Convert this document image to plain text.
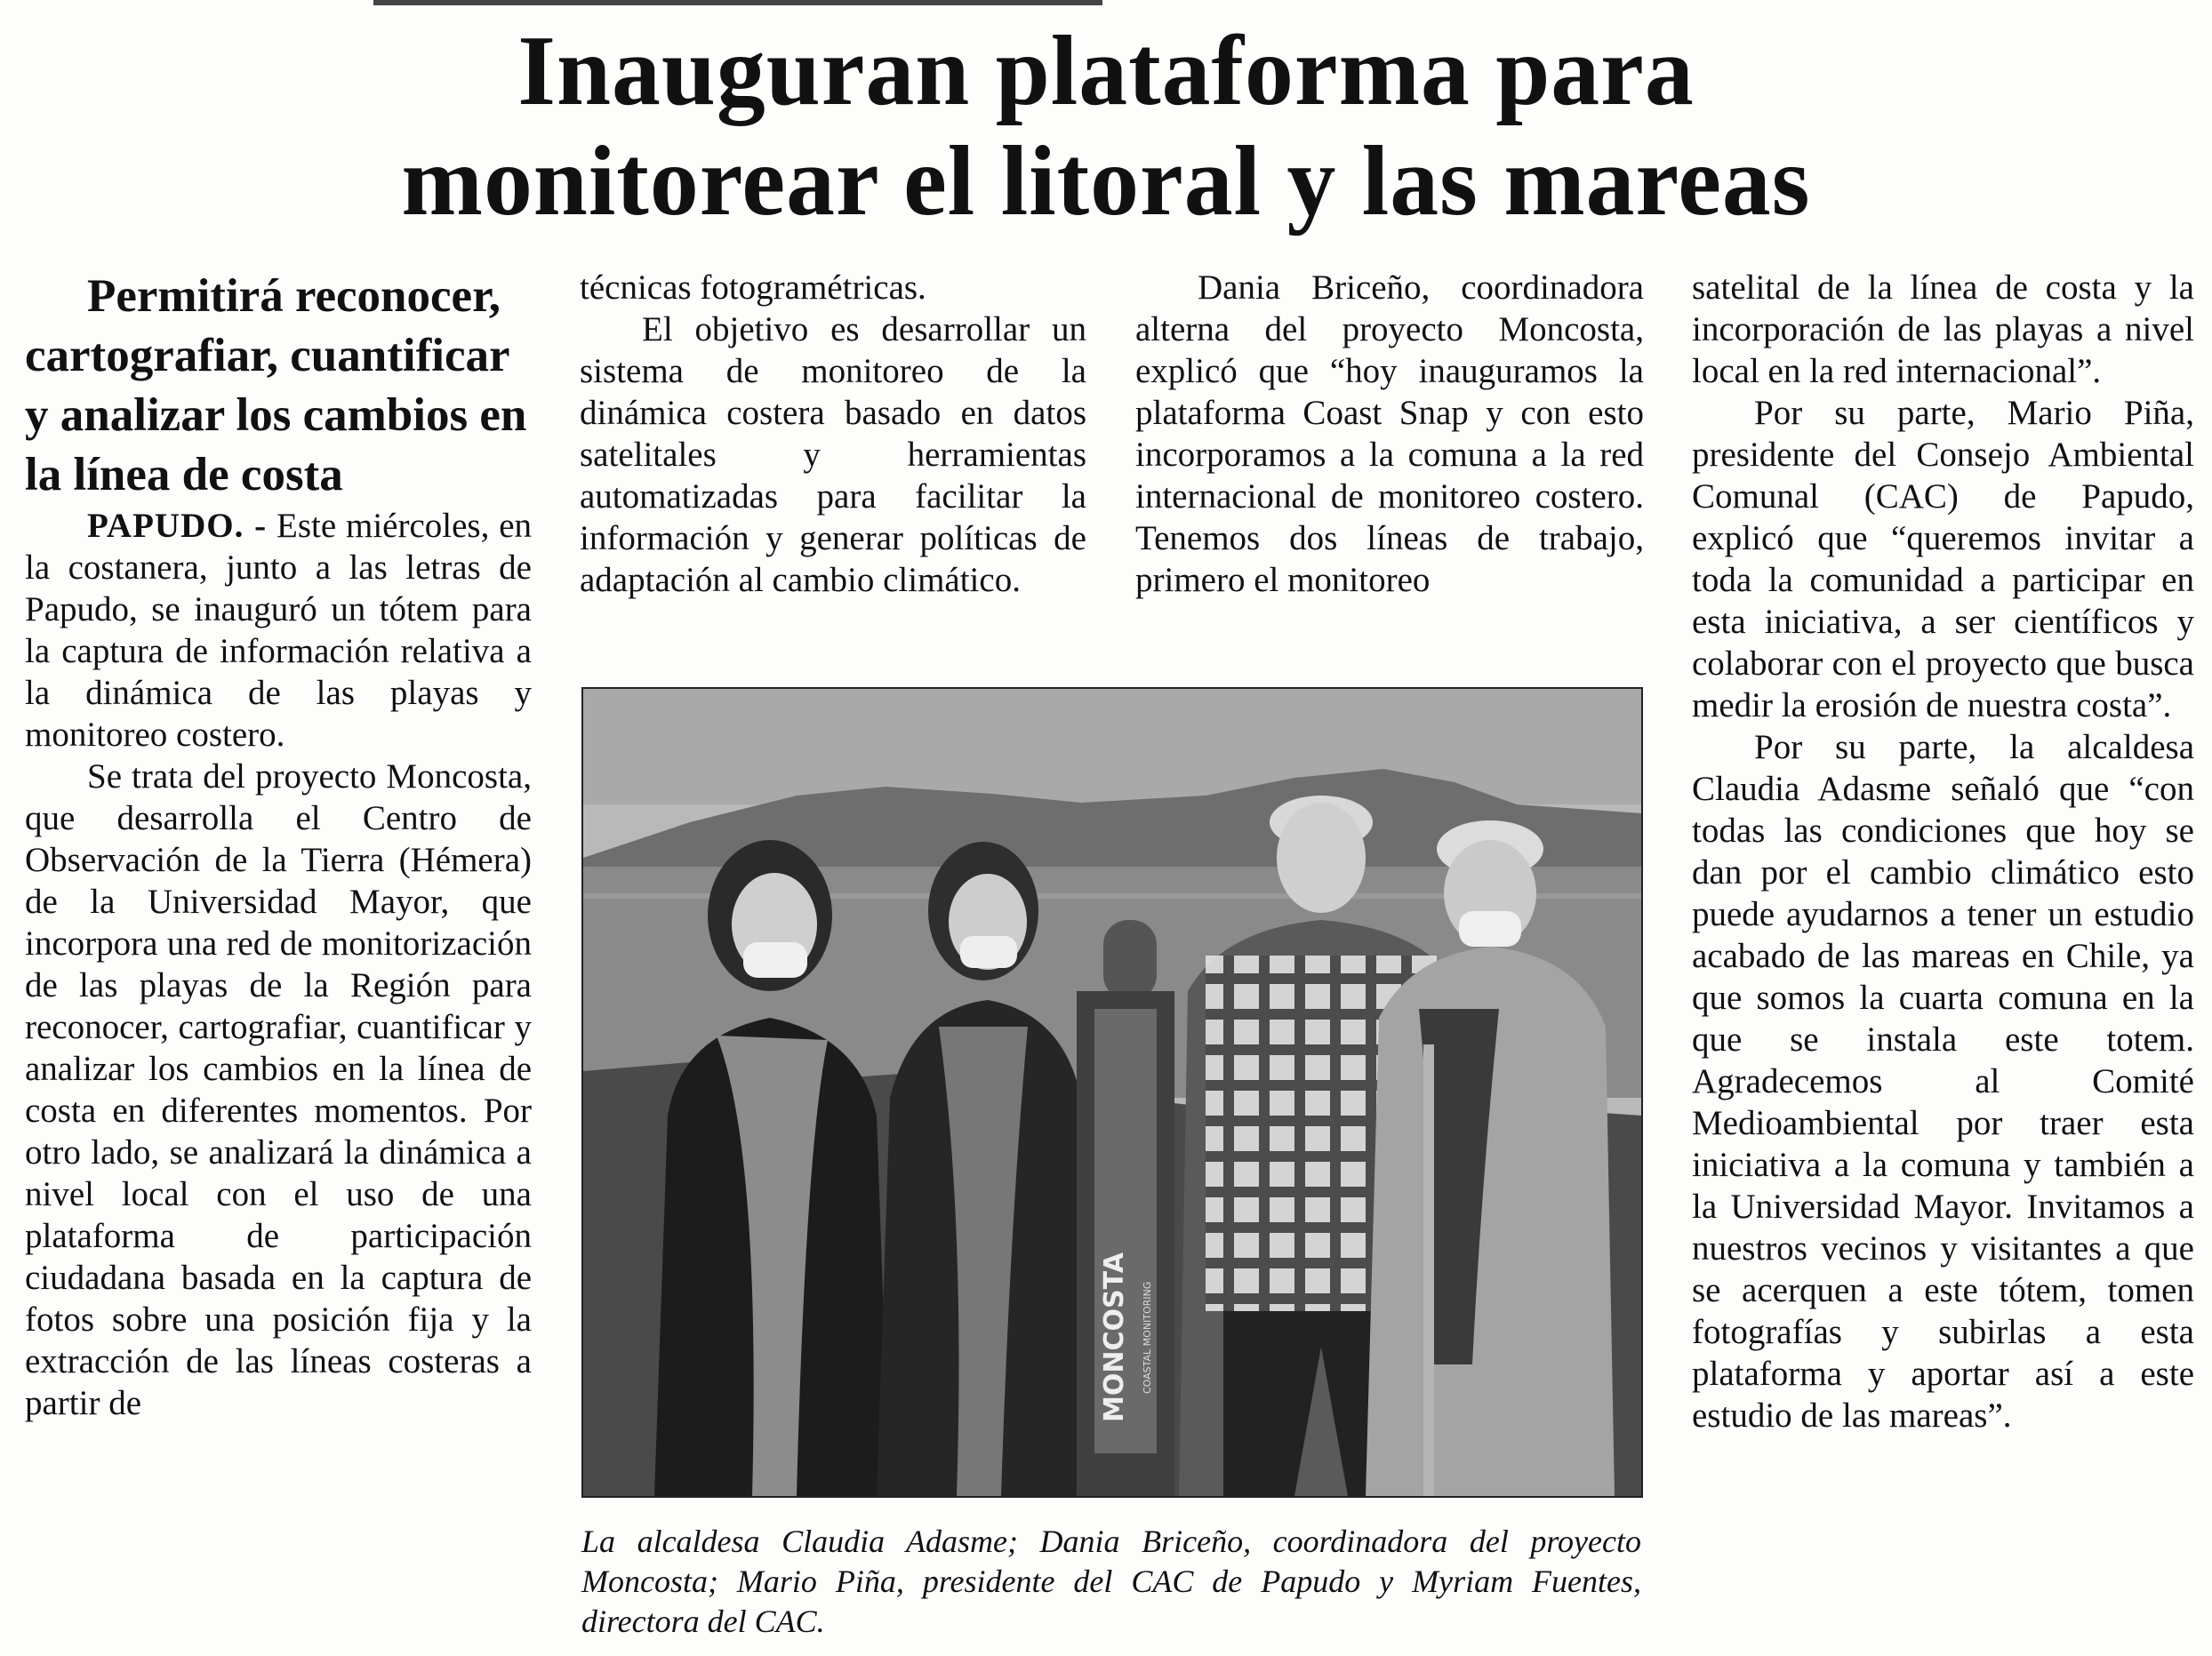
Inauguran plataforma para
monitorear el litoral y las mareas

Permitirá reconocer, cartografiar, cuantificar y analizar los cambios en la línea de costa

PAPUDO. - Este miércoles, en la costanera, junto a las letras de Papudo, se inauguró un tótem para la captura de información relativa a la dinámica de las playas y monitoreo costero.

Se trata del proyecto Moncosta, que desarrolla el Centro de Observación de la Tierra (Hémera) de la Universidad Mayor, que incorpora una red de monitorización de las playas de la Región para reconocer, cartografiar, cuantificar y analizar los cambios en la línea de costa en diferentes momentos. Por otro lado, se analizará la dinámica a nivel local con el uso de una plataforma de participación ciudadana basada en la captura de fotos sobre una posición fija y la extracción de las líneas costeras a partir de

técnicas fotogramétricas.

El objetivo es desarrollar un sistema de monitoreo de la dinámica costera basado en datos satelitales y herramientas automatizadas para facilitar la información y generar políticas de adaptación al cambio climático.

Dania Briceño, coordinadora alterna del proyecto Moncosta, explicó que “hoy inauguramos la plataforma Coast Snap y con esto incorporamos a la comuna a la red internacional de monitoreo costero. Tenemos dos líneas de trabajo, primero el monitoreo

satelital de la línea de costa y la incorporación de las playas a nivel local en la red internacional”.

Por su parte, Mario Piña, presidente del Consejo Ambiental Comunal (CAC) de Papudo, explicó que “queremos invitar a toda la comunidad a participar en esta iniciativa, a ser científicos y colaborar con el proyecto que busca medir la erosión de nuestra costa”.

Por su parte, la alcaldesa Claudia Adasme señaló que “con todas las condiciones que hoy se dan por el cambio climático esto puede ayudarnos a tener un estudio acabado de las mareas en Chile, ya que somos la cuarta comuna en la que se instala este totem. Agradecemos al Comité Medioambiental por traer esta iniciativa a la comuna y también a la Universidad Mayor. Invitamos a nuestros vecinos y visitantes a que se acerquen a este tótem, tomen fotografías y subirlas a esta plataforma y aportar así a este estudio de las mareas”.

MONCOSTA	COASTAL MONITORING
La alcaldesa Claudia Adasme; Dania Briceño, coordinadora del proyecto Moncosta; Mario Piña, presidente del CAC de Papudo y Myriam Fuentes, directora del CAC.
